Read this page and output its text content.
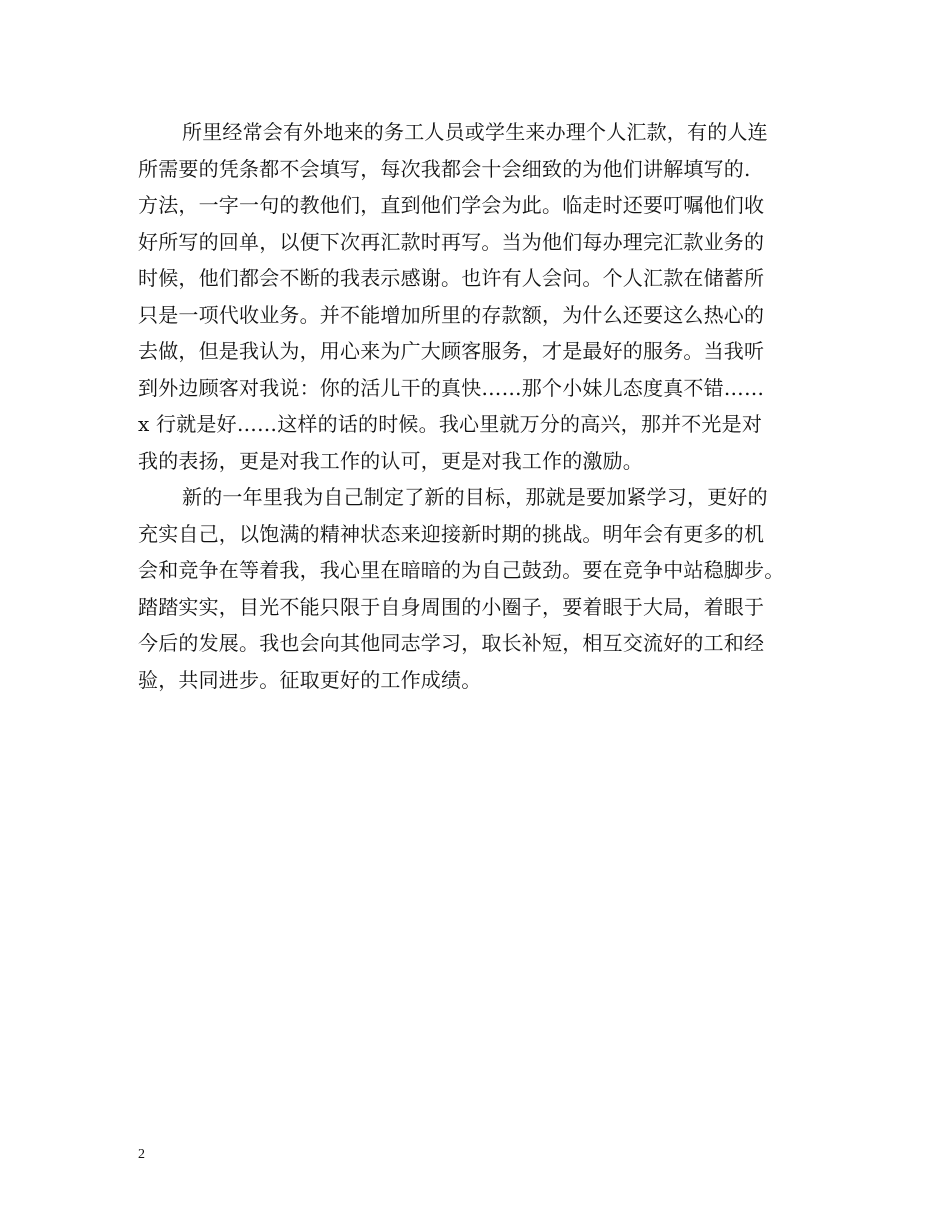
所里经常会有外地来的务工人员或学生来办理个人汇款，有的人连
所需要的凭条都不会填写，每次我都会十会细致的为他们讲解填写的.
方法，一字一句的教他们，直到他们学会为此。临走时还要叮嘱他们收
好所写的回单，以便下次再汇款时再写。当为他们每办理完汇款业务的
时候，他们都会不断的我表示感谢。也许有人会问。个人汇款在储蓄所
只是一项代收业务。并不能增加所里的存款额，为什么还要这么热心的
去做，但是我认为，用心来为广大顾客服务，才是最好的服务。当我听
到外边顾客对我说：你的活儿干的真快……那个小妹儿态度真不错……
x 行就是好……这样的话的时候。我心里就万分的高兴，那并不光是对
我的表扬，更是对我工作的认可，更是对我工作的激励。
新的一年里我为自己制定了新的目标，那就是要加紧学习，更好的
充实自己，以饱满的精神状态来迎接新时期的挑战。明年会有更多的机
会和竞争在等着我，我心里在暗暗的为自己鼓劲。要在竞争中站稳脚步。
踏踏实实，目光不能只限于自身周围的小圈子，要着眼于大局，着眼于
今后的发展。我也会向其他同志学习，取长补短，相互交流好的工和经
验，共同进步。征取更好的工作成绩。
2
